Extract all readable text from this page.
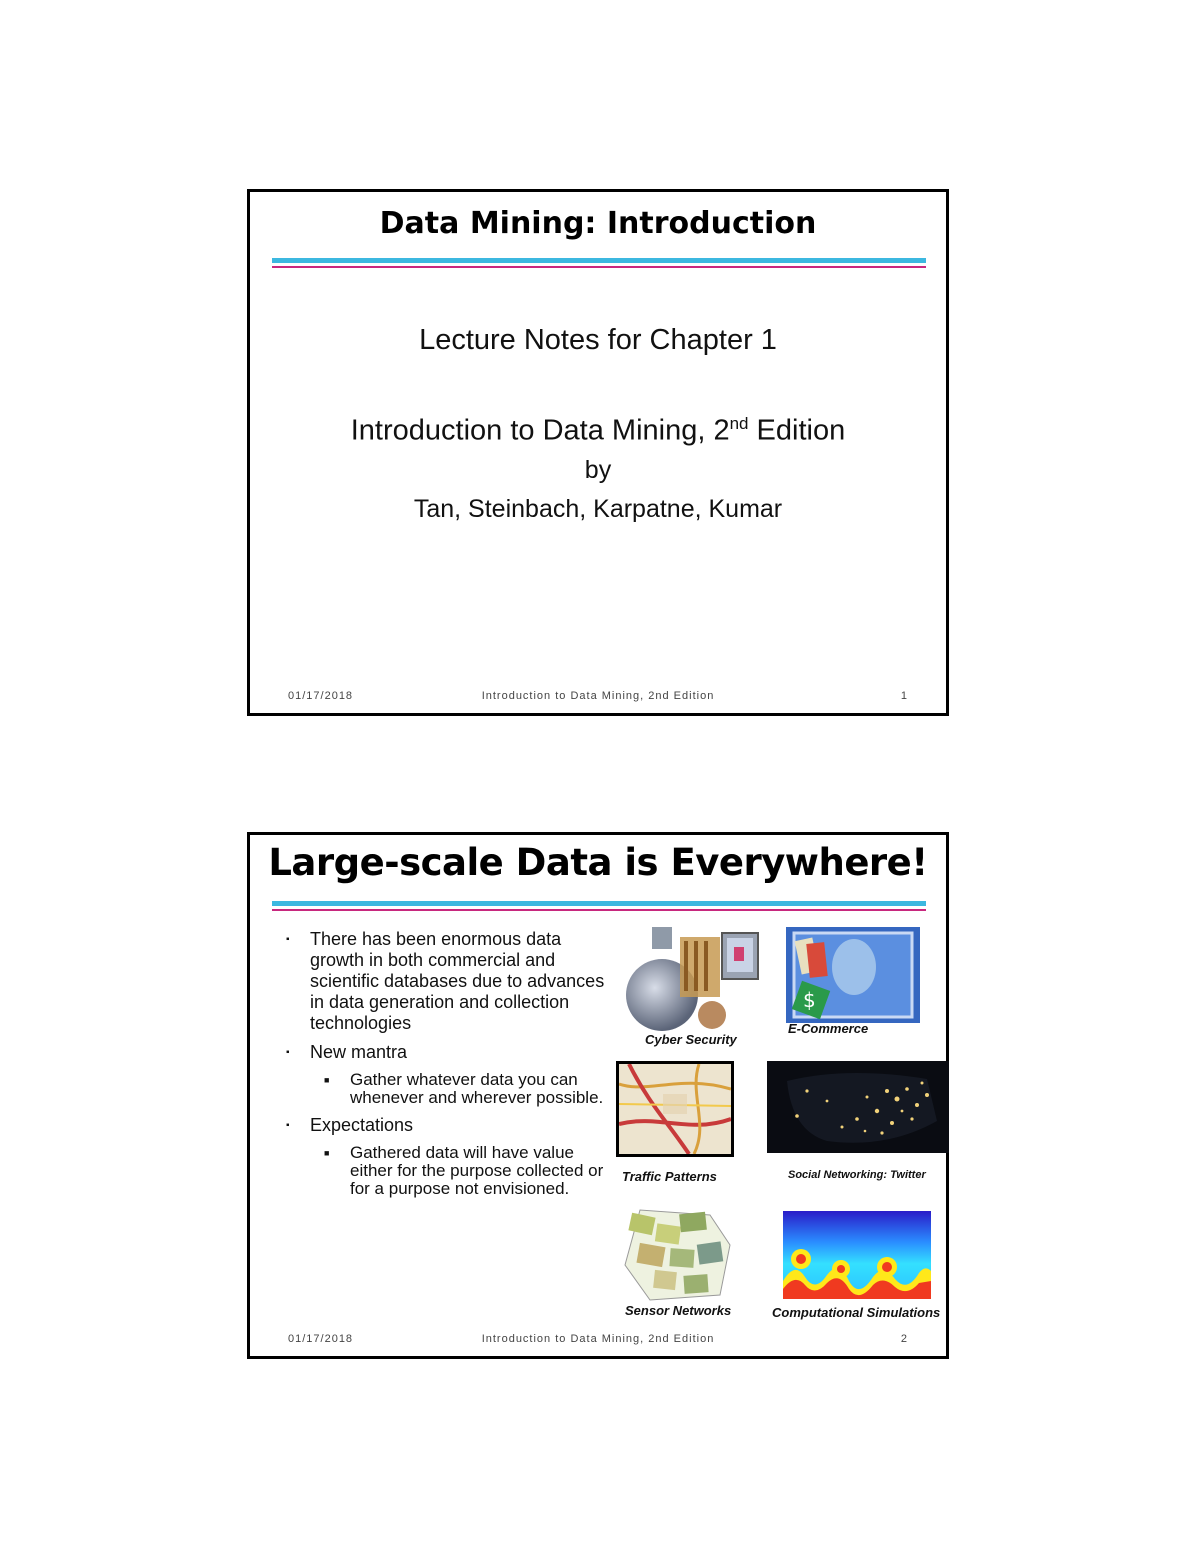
Data Mining: Introduction
Lecture Notes for Chapter 1
Introduction to Data Mining, 2nd Edition
by
Tan, Steinbach, Karpatne, Kumar
01/17/2018	Introduction to Data Mining, 2nd Edition	1
Large-scale Data is Everywhere!
▪ There has been enormous data growth in both commercial and scientific databases due to advances in data generation and collection technologies
▪ New mantra
■ Gather whatever data you can whenever and wherever possible.
▪ Expectations
■ Gathered data will have value either for the purpose collected or for a purpose not envisioned.
Cyber Security
$
E-Commerce
Traffic Patterns	Social Networking: Twitter
Sensor Networks	Computational Simulations
01/17/2018	Introduction to Data Mining, 2nd Edition	2
